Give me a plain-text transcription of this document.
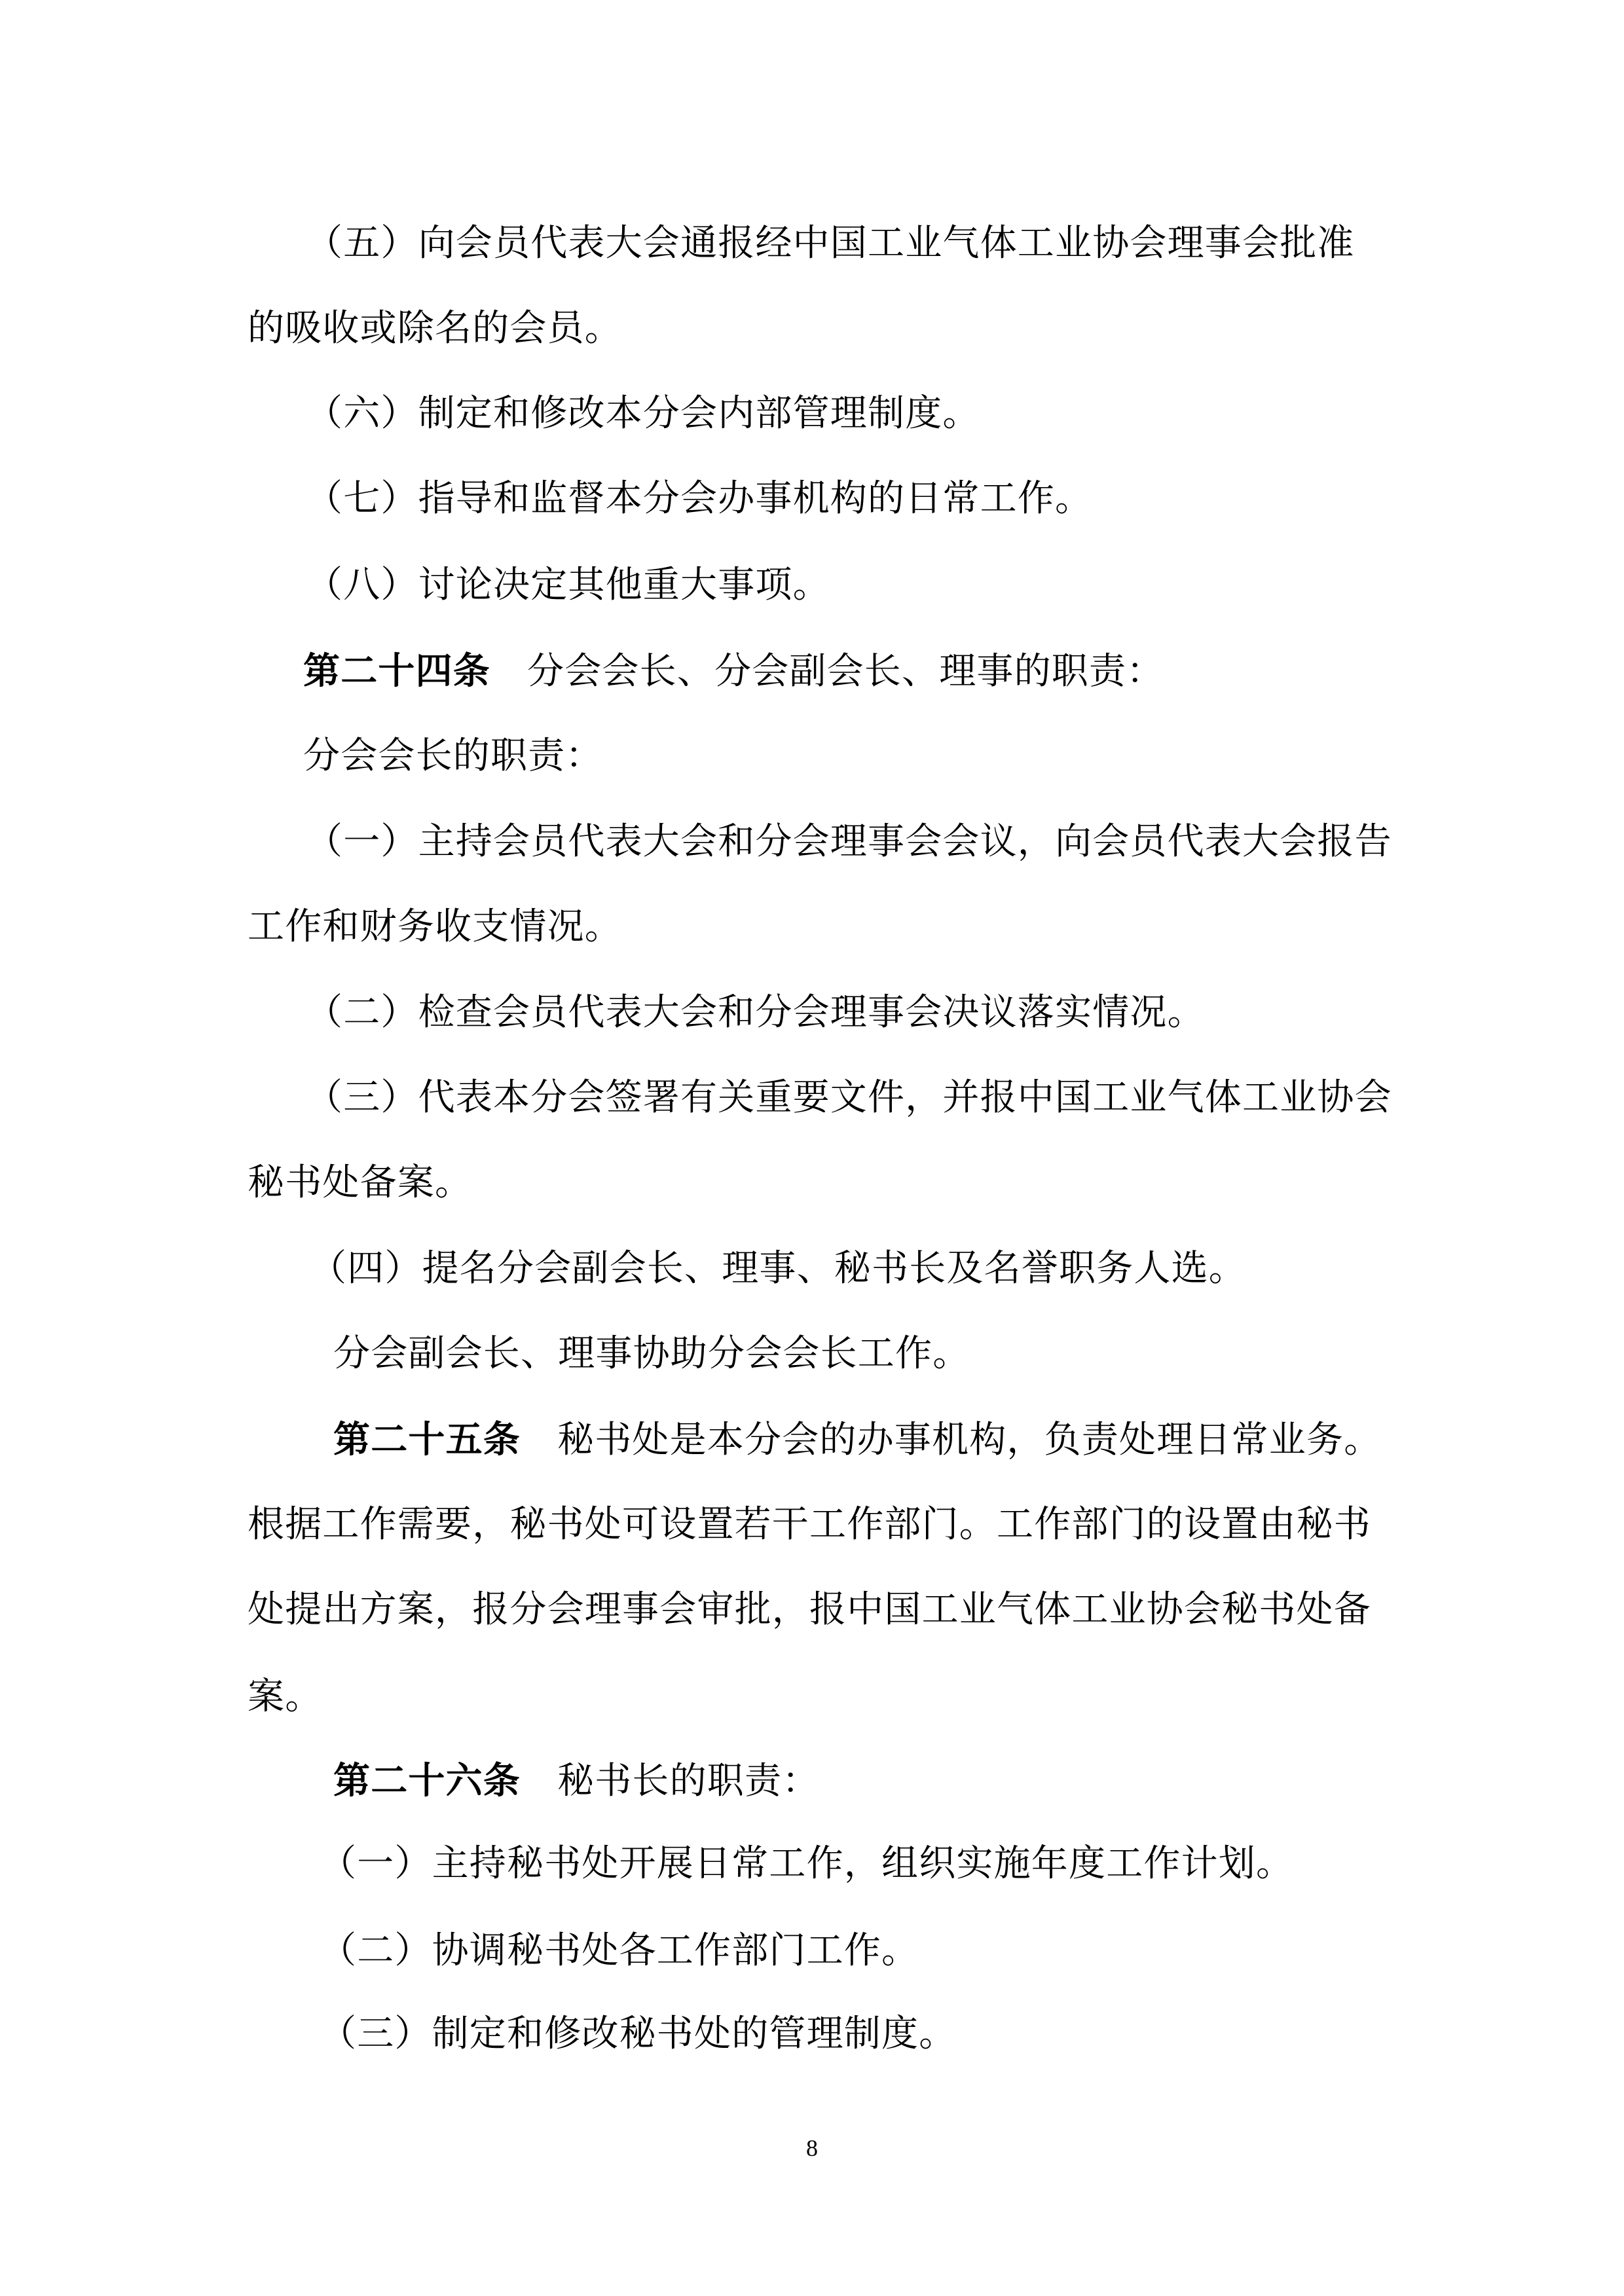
（五）向会员代表大会通报经中国工业气体工业协会理事会批准
的吸收或除名的会员。
（六）制定和修改本分会内部管理制度。
（七）指导和监督本分会办事机构的日常工作。
（八）讨论决定其他重大事项。
第二十四条 分会会长、分会副会长、理事的职责：
分会会长的职责：
（一）主持会员代表大会和分会理事会会议，向会员代表大会报告
工作和财务收支情况。
（二）检查会员代表大会和分会理事会决议落实情况。
（三）代表本分会签署有关重要文件，并报中国工业气体工业协会
秘书处备案。
（四）提名分会副会长、理事、秘书长及名誉职务人选。
分会副会长、理事协助分会会长工作。
第二十五条 秘书处是本分会的办事机构，负责处理日常业务。
根据工作需要，秘书处可设置若干工作部门。工作部门的设置由秘书
处提出方案，报分会理事会审批，报中国工业气体工业协会秘书处备
案。
第二十六条 秘书长的职责：
（一）主持秘书处开展日常工作，组织实施年度工作计划。
（二）协调秘书处各工作部门工作。
（三）制定和修改秘书处的管理制度。
8
